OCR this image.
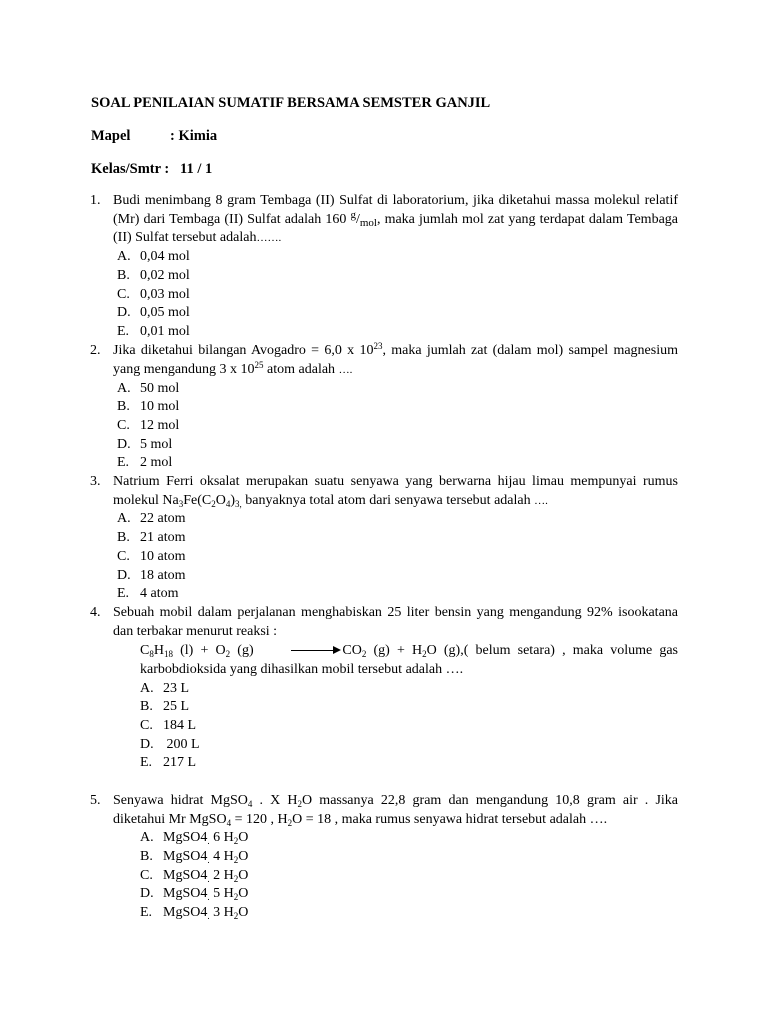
SOAL PENILAIAN SUMATIF BERSAMA SEMSTER GANJIL
Mapel	: Kimia
Kelas/Smtr : 11 / 1
1. Budi menimbang 8 gram Tembaga (II) Sulfat di laboratorium, jika diketahui massa molekul relatif (Mr) dari Tembaga (II) Sulfat adalah 160 $^g/_{mol}$, maka jumlah mol zat yang terdapat dalam Tembaga (II) Sulfat tersebut adalah…….
A. 0,04 mol
B. 0,02 mol
C. 0,03 mol
D. 0,05 mol
E. 0,01 mol
2. Jika diketahui bilangan Avogadro = 6,0 x $10^{23}$, maka jumlah zat (dalam mol) sampel magnesium yang mengandung 3 x $10^{25}$ atom adalah ….
A. 50 mol
B. 10 mol
C. 12 mol
D. 5 mol
E. 2 mol
3. Natrium Ferri oksalat merupakan suatu senyawa yang berwarna hijau limau mempunyai rumus molekul $Na_3Fe(C_2O_4)_{3,}$ banyaknya total atom dari senyawa tersebut adalah ….
A. 22 atom
B. 21 atom
C. 10 atom
D. 18 atom
E. 4 atom
4. Sebuah mobil dalam perjalanan menghabiskan 25 liter bensin yang mengandung 92% isookatana dan terbakar menurut reaksi :
$C_8H_{18}$ $(l) + O_2$ (g)	$CO_2$ $(g) + H_2O$ (g),( belum setara) , maka volume gas karbobdioksida yang dihasilkan mobil tersebut adalah ….
A. 23 L
B. 25 L
C. 184 L
D. 200 L
E. 217 L
5. Senyawa hidrat MgSO$_4$ . X $H_2O$ massanya 22,8 gram dan mengandung 10,8 gram air . Jika diketahui Mr MgSO$_4$ = 120 , $H_2O = 18$ , maka rumus senyawa hidrat tersebut adalah ….
A. $MgSO4_.$ 6 $H_2O$
B. $MgSO4_.$ 4 $H_2O$
C. $MgSO4_.$ 2 $H_2O$
D. $MgSO4_.$ 5 $H_2O$
E. $MgSO4_.$ 3 $H_2O$
